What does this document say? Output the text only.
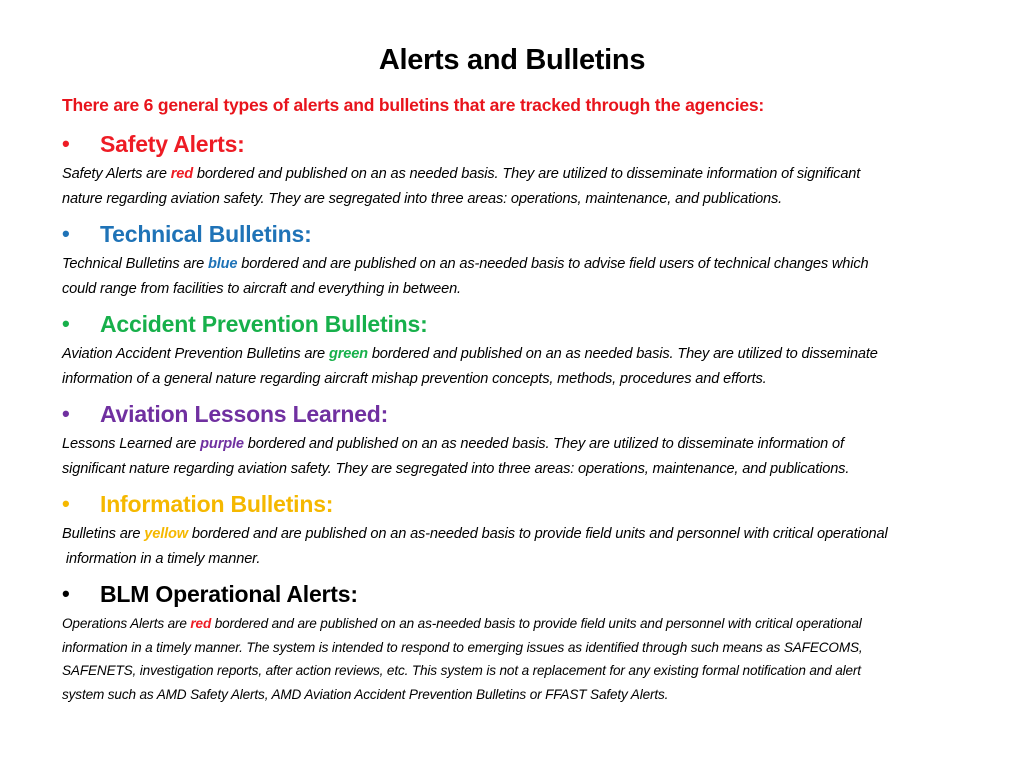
Alerts and Bulletins
There are 6 general types of alerts and bulletins that are tracked through the agencies:
•	Safety Alerts:
Safety Alerts are red bordered and published on an as needed basis. They are utilized to disseminate information of significant
nature regarding aviation safety. They are segregated into three areas: operations, maintenance, and publications.
•	Technical Bulletins:
Technical Bulletins are blue bordered and are published on an as-needed basis to advise field users of technical changes which
could range from facilities to aircraft and everything in between.
•	Accident Prevention Bulletins:
Aviation Accident Prevention Bulletins are green bordered and published on an as needed basis. They are utilized to disseminate
information of a general nature regarding aircraft mishap prevention concepts, methods, procedures and efforts.
•	Aviation Lessons Learned:
Lessons Learned are purple bordered and published on an as needed basis. They are utilized to disseminate information of
significant nature regarding aviation safety. They are segregated into three areas: operations, maintenance, and publications.
•	Information Bulletins:
Bulletins are yellow bordered and are published on an as-needed basis to provide field units and personnel with critical operational
information in a timely manner.
•	BLM Operational Alerts:
Operations Alerts are red bordered and are published on an as-needed basis to provide field units and personnel with critical operational
information in a timely manner. The system is intended to respond to emerging issues as identified through such means as SAFECOMS,
SAFENETS, investigation reports, after action reviews, etc. This system is not a replacement for any existing formal notification and alert
system such as AMD Safety Alerts, AMD Aviation Accident Prevention Bulletins or FFAST Safety Alerts.
